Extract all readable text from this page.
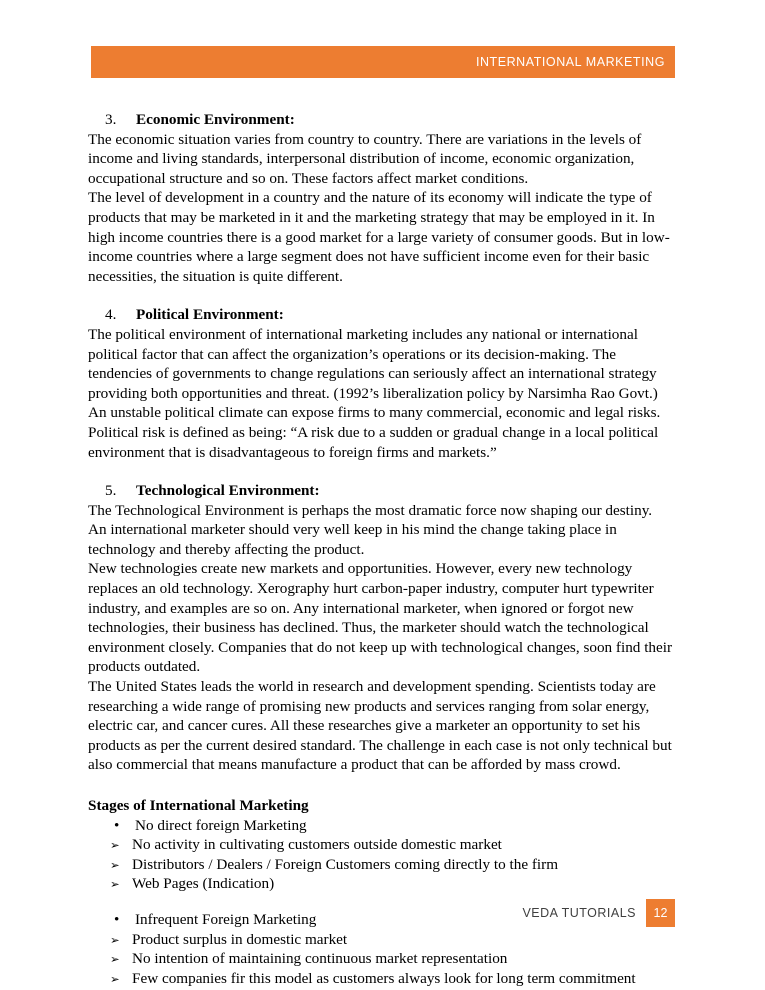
INTERNATIONAL MARKETING
3.	Economic Environment:

The economic situation varies from country to country. There are variations in the levels of income and living standards, interpersonal distribution of income, economic organization, occupational structure and so on. These factors affect market conditions.

The level of development in a country and the nature of its economy will indicate the type of products that may be marketed in it and the marketing strategy that may be employed in it. In high income countries there is a good market for a large variety of consumer goods. But in low-income countries where a large segment does not have sufficient income even for their basic necessities, the situation is quite different.

4.	Political Environment:

The political environment of international marketing includes any national or international political factor that can affect the organization’s operations or its decision-making. The tendencies of governments to change regulations can seriously affect an international strategy providing both opportunities and threat. (1992’s liberalization policy by Narsimha Rao Govt.) An unstable political climate can expose firms to many commercial, economic and legal risks. Political risk is defined as being: “A risk due to a sudden or gradual change in a local political environment that is disadvantageous to foreign firms and markets.”

5.	Technological Environment:

The Technological Environment is perhaps the most dramatic force now shaping our destiny. An international marketer should very well keep in his mind the change taking place in technology and thereby affecting the product.

New technologies create new markets and opportunities. However, every new technology replaces an old technology. Xerography hurt carbon-paper industry, computer hurt typewriter industry, and examples are so on. Any international marketer, when ignored or forgot new technologies, their business has declined. Thus, the marketer should watch the technological environment closely. Companies that do not keep up with technological changes, soon find their products outdated.

The United States leads the world in research and development spending. Scientists today are researching a wide range of promising new products and services ranging from solar energy, electric car, and cancer cures. All these researches give a marketer an opportunity to set his products as per the current desired standard. The challenge in each case is not only technical but also commercial that means manufacture a product that can be afforded by mass crowd.

Stages of International Marketing
• No direct foreign Marketing
➢ No activity in cultivating customers outside domestic market
➢ Distributors / Dealers / Foreign Customers coming directly to the firm
➢ Web Pages (Indication)
• Infrequent Foreign Marketing
➢ Product surplus in domestic market
➢ No intention of maintaining continuous market representation
➢ Few companies fir this model as customers always look for long term commitment
VEDA TUTORIALS 12
